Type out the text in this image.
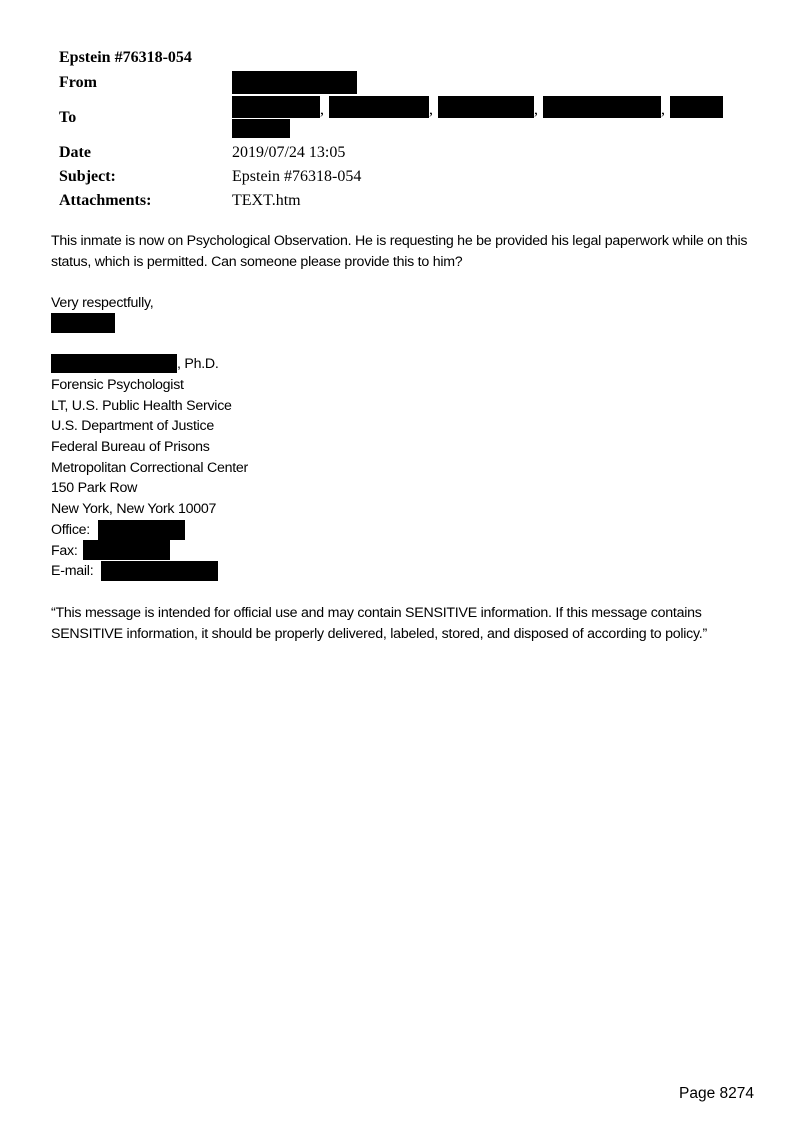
Epstein #76318-054
From
To	,	,	,	,
Date	2019/07/24 13:05
Subject:	Epstein #76318-054
Attachments:	TEXT.htm
This inmate is now on Psychological Observation. He is requesting he be provided his legal paperwork while on this status, which is permitted. Can someone please provide this to him?
Very respectfully,
, Ph.D.
Forensic Psychologist
LT, U.S. Public Health Service
U.S. Department of Justice
Federal Bureau of Prisons
Metropolitan Correctional Center
150 Park Row
New York, New York 10007
Office:
Fax:
E-mail:
“This message is intended for official use and may contain SENSITIVE information. If this message contains SENSITIVE information, it should be properly delivered, labeled, stored, and disposed of according to policy.”
Page 8274
